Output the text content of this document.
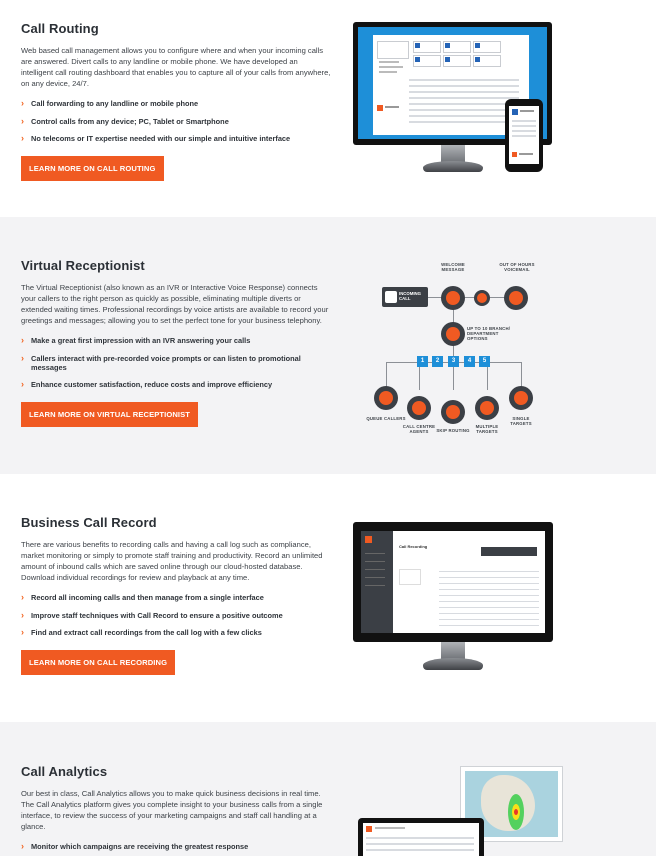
Call Routing

Web based call management allows you to configure where and when your incoming calls are answered. Divert calls to any landline or mobile phone. We have developed an intelligent call routing dashboard that enables you to capture all of your calls from anywhere, on any device, 24/7.

› Call forwarding to any landline or mobile phone
› Control calls from any device; PC, Tablet or Smartphone
› No telecoms or IT expertise needed with our simple and intuitive interface
LEARN MORE ON CALL ROUTING
Virtual Receptionist

The Virtual Receptionist (also known as an IVR or Interactive Voice Response) connects your callers to the right person as quickly as possible, eliminating multiple diverts or extended waiting times. Professional recordings by voice artists are available to record your greetings and messages; allowing you to set the perfect tone for your business telephony.

› Make a great first impression with an IVR answering your calls
› Callers interact with pre-recorded voice prompts or can listen to promotional messages
› Enhance customer satisfaction, reduce costs and improve efficiency
LEARN MORE ON VIRTUAL RECEPTIONIST
INCOMING CALL
WELCOME MESSAGE
OUT OF HOURS VOICEMAIL
UP TO 10 BRANCH/ DEPARTMENT OPTIONS
1	2	3	4	5
QUEUE CALLERS
CALL CENTRE AGENTS	SKIP ROUTING
MULTIPLE TARGETS
SINGLE TARGETS
Business Call Record

There are various benefits to recording calls and having a call log such as compliance, market monitoring or simply to promote staff training and productivity. Record an unlimited amount of inbound calls which are saved online through our cloud-hosted database. Download individual recordings for review and playback at any time.

› Record all incoming calls and then manage from a single interface
› Improve staff techniques with Call Record to ensure a positive outcome
› Find and extract call recordings from the call log with a few clicks
LEARN MORE ON CALL RECORDING
Call Recording
Call Analytics

Our best in class, Call Analytics allows you to make quick business decisions in real time. The Call Analytics platform gives you complete insight to your business calls from a single interface, to review the success of your marketing campaigns and staff call handling at a glance.

› Monitor which campaigns are receiving the greatest response
